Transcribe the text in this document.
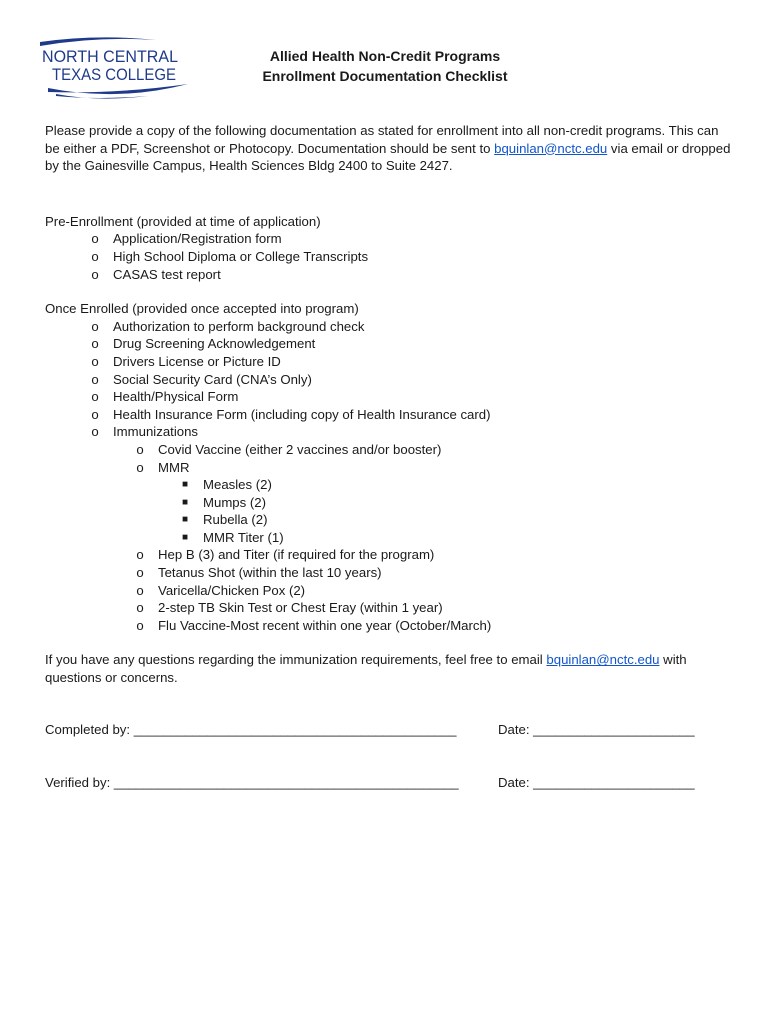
NORTH CENTRAL
TEXAS COLLEGE
Allied Health Non-Credit Programs
Enrollment Documentation Checklist

Please provide a copy of the following documentation as stated for enrollment into all non-credit programs. This can be either a PDF, Screenshot or Photocopy. Documentation should be sent to bquinlan@nctc.edu via email or dropped by the Gainesville Campus, Health Sciences Bldg 2400 to Suite 2427.

Pre-Enrollment (provided at time of application)

o	Application/Registration form
o	High School Diploma or College Transcripts
o	CASAS test report

Once Enrolled (provided once accepted into program)

o	Authorization to perform background check
o	Drug Screening Acknowledgement
o	Drivers License or Picture ID
o	Social Security Card (CNA’s Only)
o	Health/Physical Form
o	Health Insurance Form (including copy of Health Insurance card)
o	Immunizations
o	Covid Vaccine (either 2 vaccines and/or booster)
o	MMR
■	Measles (2)
■	Mumps (2)
■	Rubella (2)
■	MMR Titer (1)
o	Hep B (3) and Titer (if required for the program)
o	Tetanus Shot (within the last 10 years)
o	Varicella/Chicken Pox (2)
o	2-step TB Skin Test or Chest Eray (within 1 year)
o	Flu Vaccine-Most recent within one year (October/March)

If you have any questions regarding the immunization requirements, feel free to email bquinlan@nctc.edu with questions or concerns.

Completed by: ____________________________________________	Date: ______________________
Verified by: _______________________________________________	Date: ______________________
